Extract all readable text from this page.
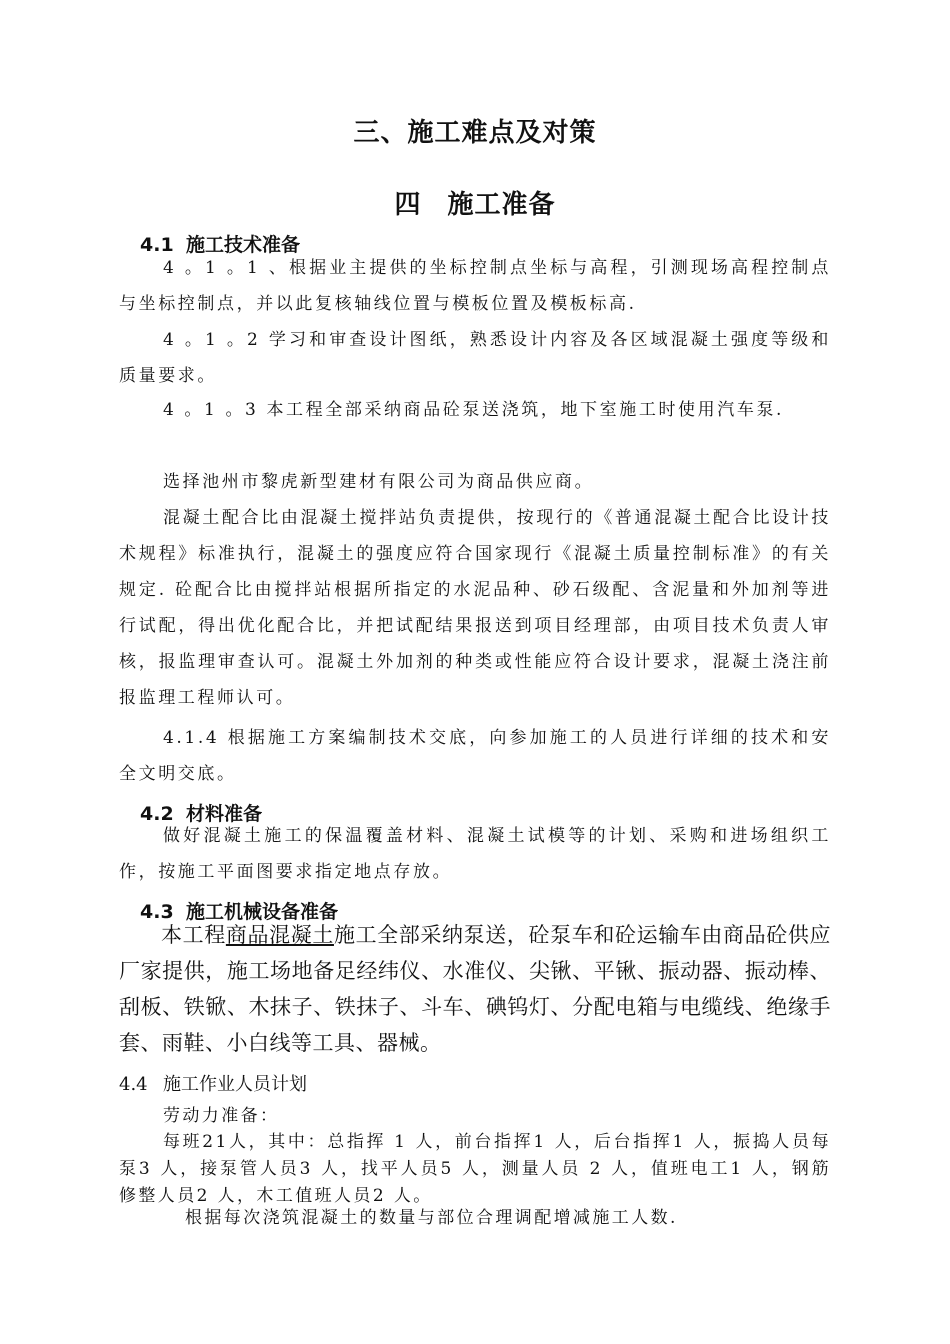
三、施工难点及对策
四 施工准备
4.1 施工技术准备

4 。1 。1 、根据业主提供的坐标控制点坐标与高程，引测现场高程控制点与坐标控制点，并以此复核轴线位置与模板位置及模板标高.

4 。1 。2 学习和审查设计图纸，熟悉设计内容及各区域混凝土强度等级和质量要求。

4 。1 。3 本工程全部采纳商品砼泵送浇筑，地下室施工时使用汽车泵.

选择池州市黎虎新型建材有限公司为商品供应商。

混凝土配合比由混凝土搅拌站负责提供，按现行的《普通混凝土配合比设计技术规程》标准执行，混凝土的强度应符合国家现行《混凝土质量控制标准》的有关规定. 砼配合比由搅拌站根据所指定的水泥品种、砂石级配、含泥量和外加剂等进行试配，得出优化配合比，并把试配结果报送到项目经理部，由项目技术负责人审核，报监理审查认可。混凝土外加剂的种类或性能应符合设计要求，混凝土浇注前报监理工程师认可。

4.1.4 根据施工方案编制技术交底，向参加施工的人员进行详细的技术和安全文明交底。

4.2 材料准备

做好混凝土施工的保温覆盖材料、混凝土试模等的计划、采购和进场组织工作，按施工平面图要求指定地点存放。

4.3 施工机械设备准备

本工程商品混凝土施工全部采纳泵送，砼泵车和砼运输车由商品砼供应厂家提供，施工场地备足经纬仪、水准仪、尖锹、平锹、振动器、振动棒、刮板、铁锨、木抹子、铁抹子、斗车、碘钨灯、分配电箱与电缆线、绝缘手套、雨鞋、小白线等工具、器械。

4.4 施工作业人员计划

劳动力准备：

每班21人，其中：总指挥 1 人，前台指挥1 人，后台指挥1 人，振捣人员每泵3 人，接泵管人员3 人，找平人员5 人，测量人员 2 人，值班电工1 人，钢筋修整人员2 人，木工值班人员2 人。

根据每次浇筑混凝土的数量与部位合理调配增减施工人数.
